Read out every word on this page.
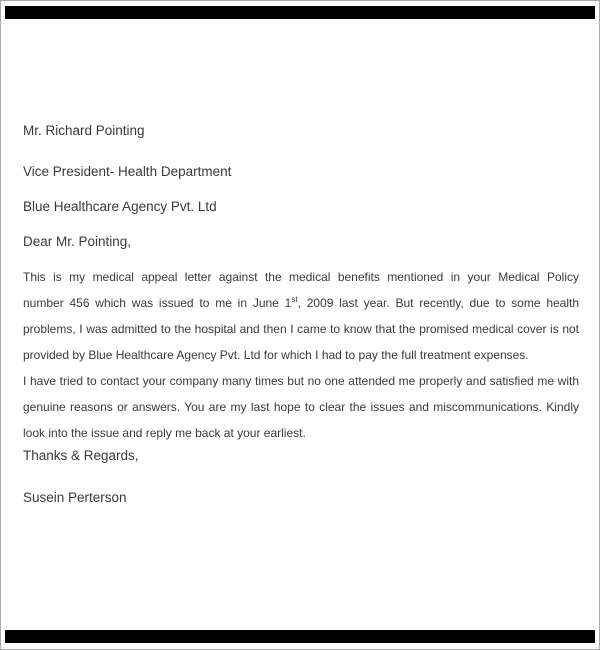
Mr. Richard Pointing
Vice President- Health Department
Blue Healthcare Agency Pvt. Ltd
Dear Mr. Pointing,
This is my medical appeal letter against the medical benefits mentioned in your Medical Policy
number 456 which was issued to me in June 1st, 2009 last year. But recently, due to some health
problems, I was admitted to the hospital and then I came to know that the promised medical cover is not
provided by Blue Healthcare Agency Pvt. Ltd for which I had to pay the full treatment expenses.
I have tried to contact your company many times but no one attended me properly and satisfied me with
genuine reasons or answers. You are my last hope to clear the issues and miscommunications. Kindly
look into the issue and reply me back at your earliest.
Thanks & Regards,
Susein Perterson
